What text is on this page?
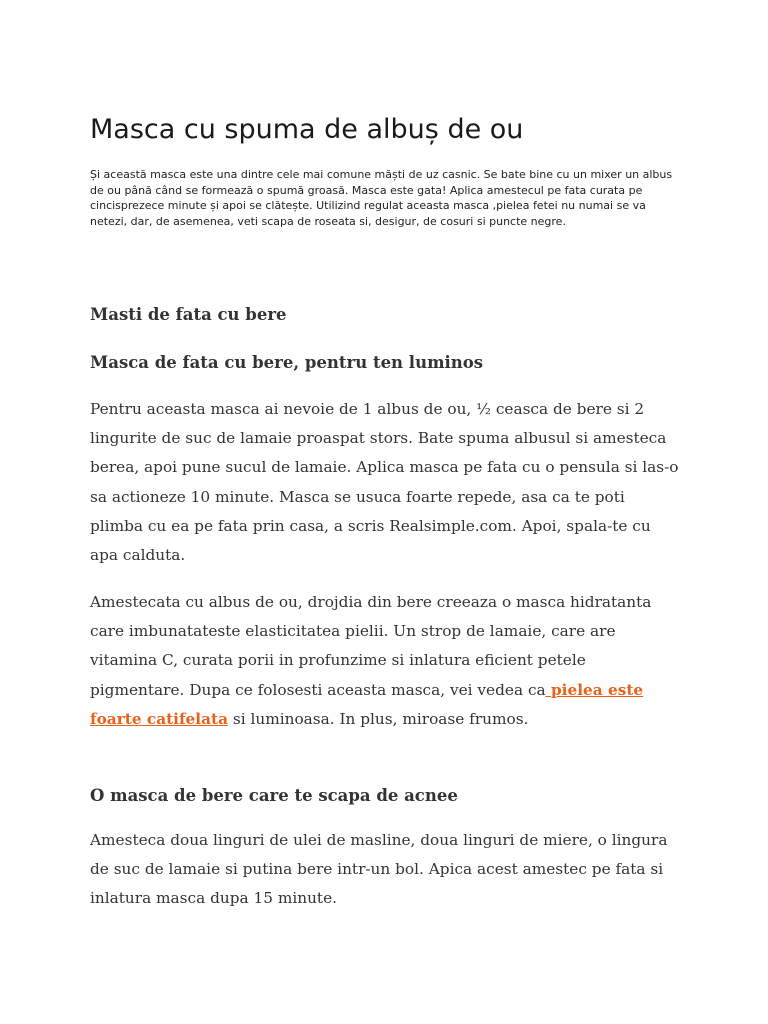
Masca cu spuma de albuș de ou

Și această masca este una dintre cele mai comune măști de uz casnic. Se bate bine cu un mixer un albus de ou până când se formează o spumă groasă. Masca este gata! Aplica amestecul pe fata curata pe cincisprezece minute și apoi se clătește. Utilizind regulat aceasta masca ,pielea fetei nu numai se va netezi, dar, de asemenea, veti scapa de roseata si, desigur, de cosuri si puncte negre.

Masti de fata cu bere
Masca de fata cu bere, pentru ten luminos

Pentru aceasta masca ai nevoie de 1 albus de ou, ½ ceasca de bere si 2 lingurite de suc de lamaie proaspat stors. Bate spuma albusul si amesteca berea, apoi pune sucul de lamaie. Aplica masca pe fata cu o pensula si las-o sa actioneze 10 minute. Masca se usuca foarte repede, asa ca te poti plimba cu ea pe fata prin casa, a scris Realsimple.com. Apoi, spala-te cu apa calduta.

Amestecata cu albus de ou, drojdia din bere creeaza o masca hidratanta care imbunatateste elasticitatea pielii. Un strop de lamaie, care are vitamina C, curata porii in profunzime si inlatura eficient petele pigmentare. Dupa ce folosesti aceasta masca, vei vedea ca pielea este foarte catifelata si luminoasa. In plus, miroase frumos.

O masca de bere care te scapa de acnee

Amesteca doua linguri de ulei de masline, doua linguri de miere, o lingura de suc de lamaie si putina bere intr-un bol. Apica acest amestec pe fata si inlatura masca dupa 15 minute.
